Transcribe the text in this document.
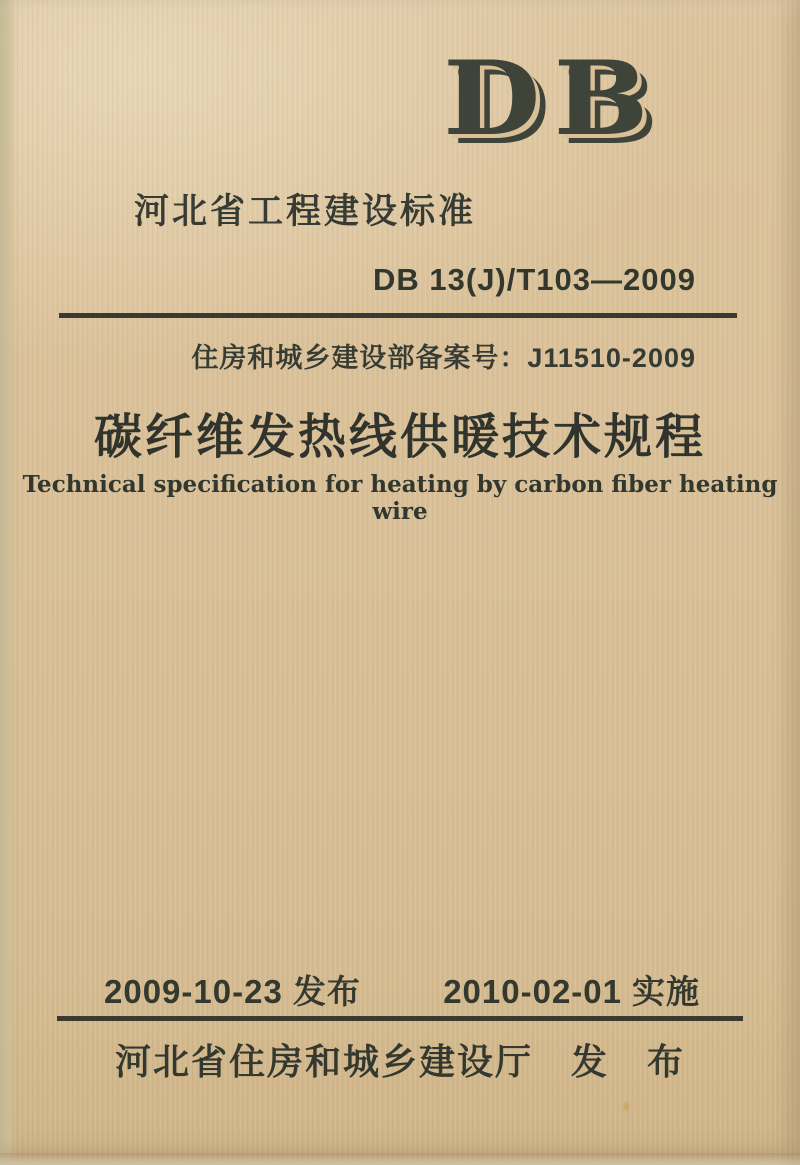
DB
河北省工程建设标准
DB 13(J)/T103—2009
住房和城乡建设部备案号：J11510-2009
碳纤维发热线供暖技术规程
Technical specification for heating by carbon fiber heating wire
2009-10-23 发布 2010-02-01 实施
河北省住房和城乡建设厅　发　布
